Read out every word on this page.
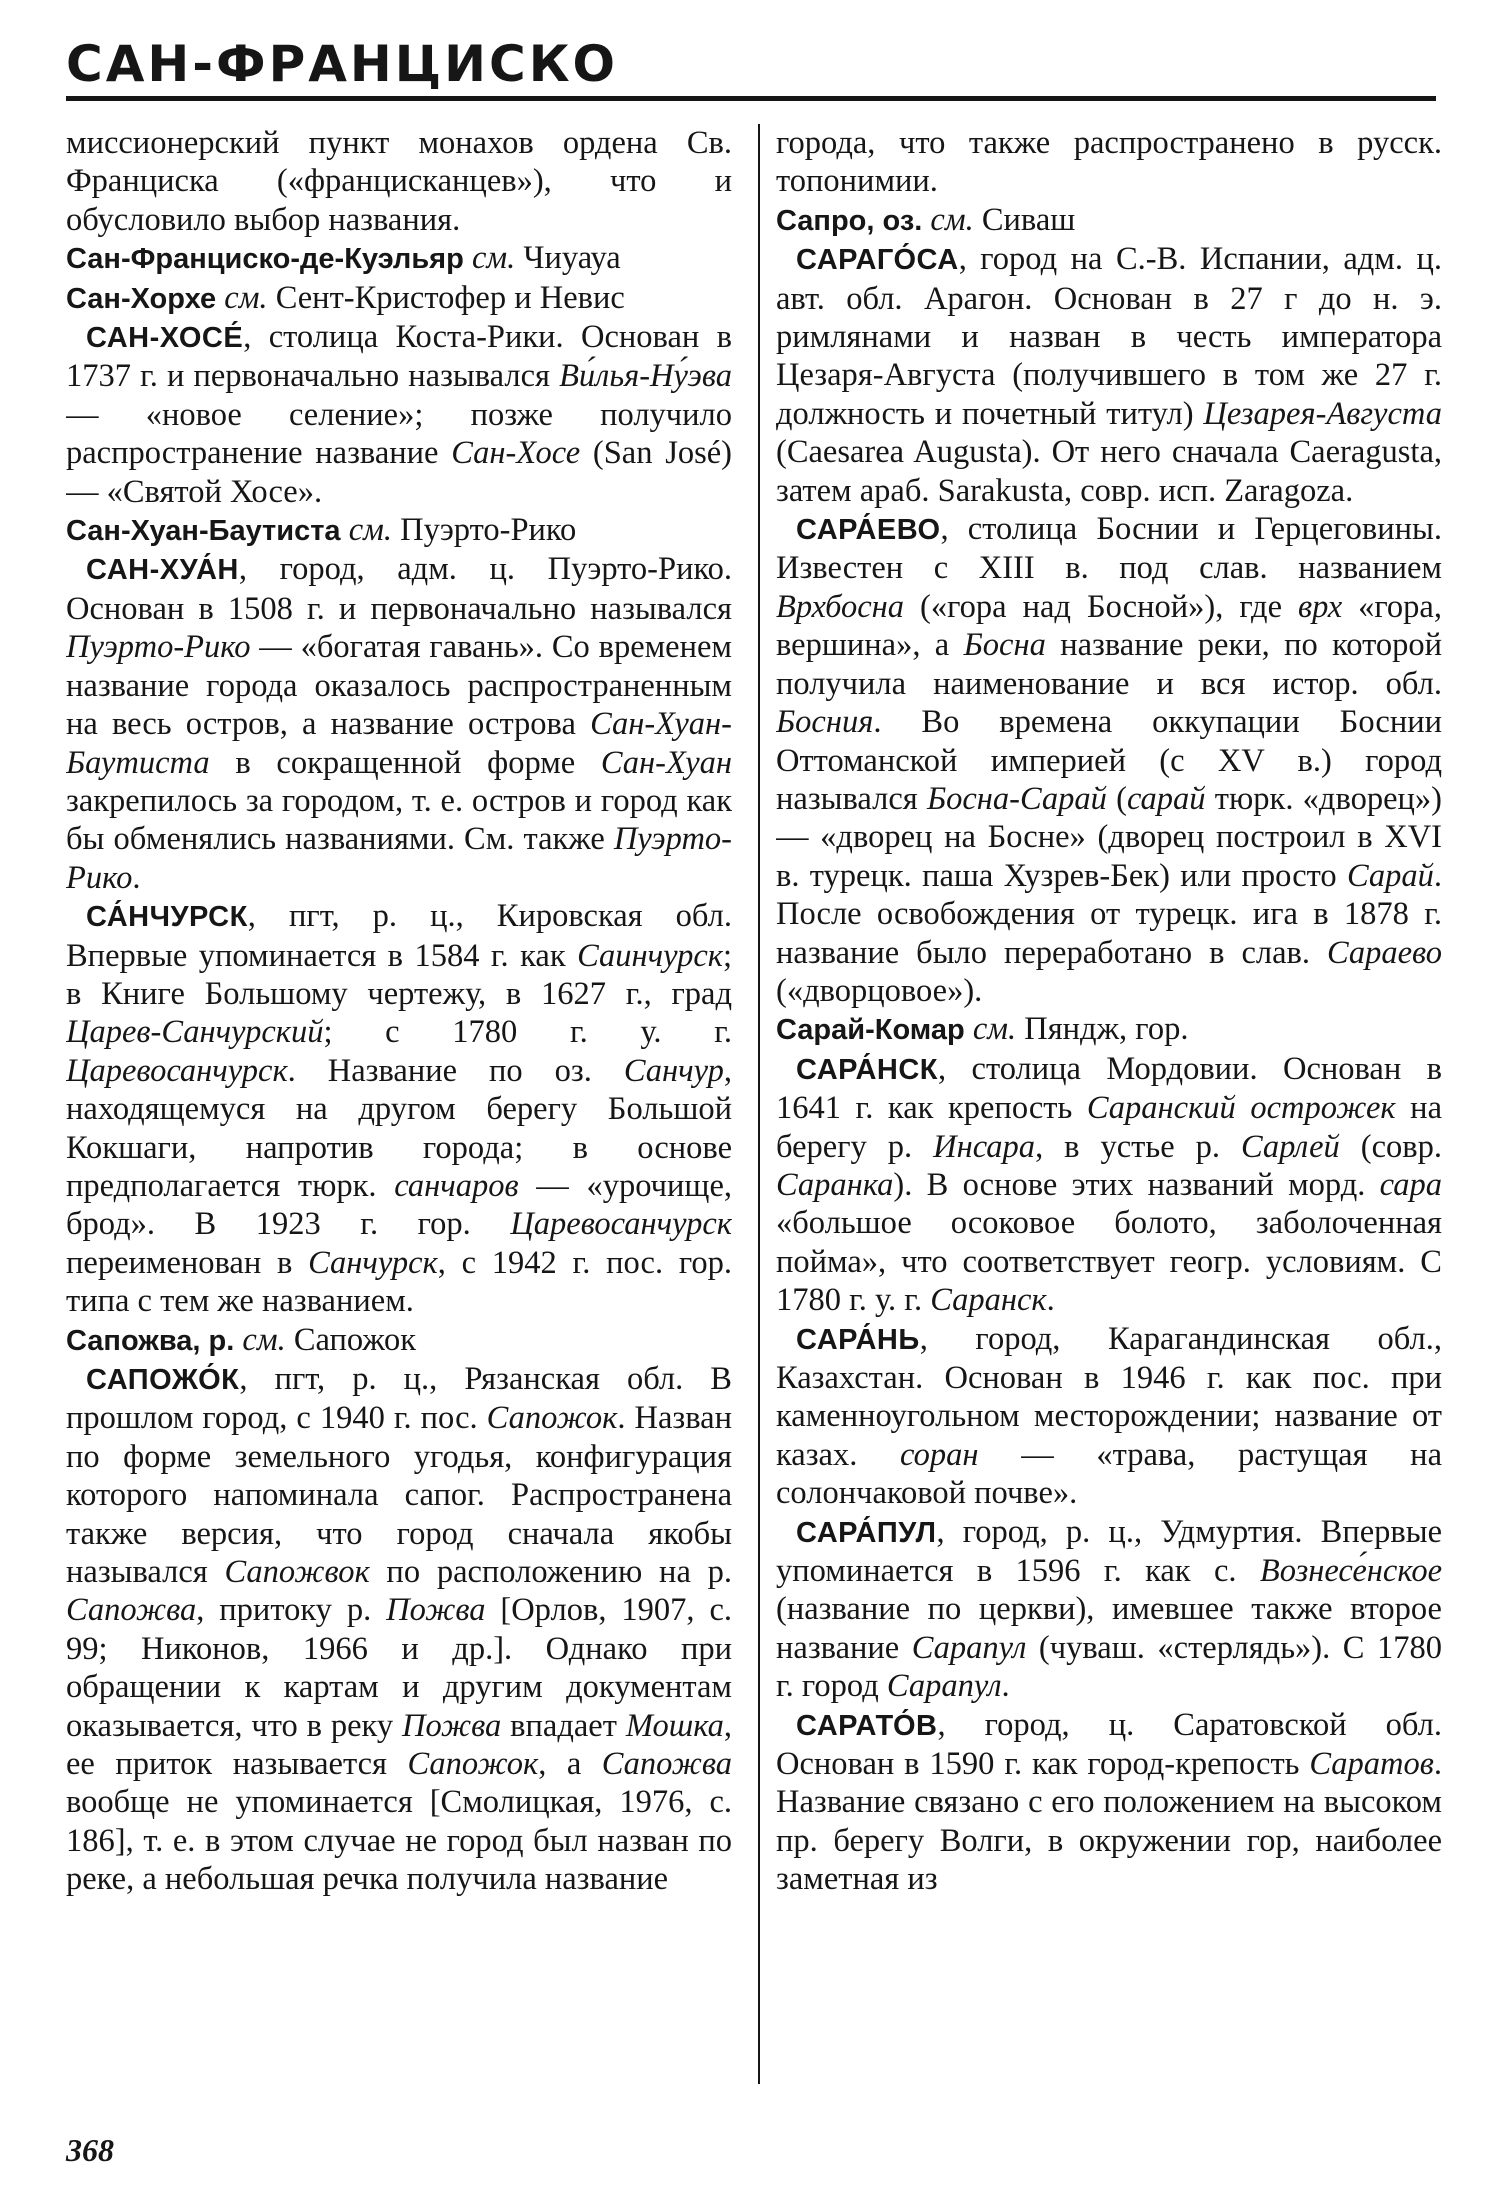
САН-ФРАНЦИСКО

миссионерский пункт монахов ордена Св. Франциска («францисканцев»), что и обусловило выбор названия.

Сан-Франциско-де-Куэльяр см. Чиуауа

Сан-Хорхе см. Сент-Кристофер и Невис

САН-ХОСЕ́, столица Коста-Рики. Основан в 1737 г. и первоначально назывался Ви́лья-Ну́эва — «новое селение»; позже получило распространение название Сан-Хосе (San José) — «Святой Хосе».

Сан-Хуан-Баутиста см. Пуэрто-Рико

САН-ХУА́Н, город, адм. ц. Пуэрто-Рико. Основан в 1508 г. и первоначально назывался Пуэрто-Рико — «богатая гавань». Со временем название города оказалось распространенным на весь остров, а название острова Сан-Хуан-Баутиста в сокращенной форме Сан-Хуан закрепилось за городом, т. е. остров и город как бы обменялись названиями. См. также Пуэрто-Рико.

СА́НЧУРСК, пгт, р. ц., Кировская обл. Впервые упоминается в 1584 г. как Саинчурск; в Книге Большому чертежу, в 1627 г., град Царев-Санчурский; с 1780 г. у. г. Царевосанчурск. Название по оз. Санчур, находящемуся на другом берегу Большой Кокшаги, напротив города; в основе предполагается тюрк. санчаров — «урочище, брод». В 1923 г. гор. Царевосанчурск переименован в Санчурск, с 1942 г. пос. гор. типа с тем же названием.

Сапожва, р. см. Сапожок

САПОЖО́К, пгт, р. ц., Рязанская обл. В прошлом город, с 1940 г. пос. Сапожок. Назван по форме земельного угодья, конфигурация которого напоминала сапог. Распространена также версия, что город сначала якобы назывался Сапожвок по расположению на р. Сапожва, притоку р. Пожва [Орлов, 1907, с. 99; Никонов, 1966 и др.]. Однако при обращении к картам и другим документам оказывается, что в реку Пожва впадает Мошка, ее приток называется Сапожок, а Сапожва вообще не упоминается [Смолицкая, 1976, с. 186], т. е. в этом случае не город был назван по реке, а небольшая речка получила название

города, что также распространено в русск. топонимии.

Сапро, оз. см. Сиваш

САРАГО́СА, город на С.-В. Испании, адм. ц. авт. обл. Арагон. Основан в 27 г до н. э. римлянами и назван в честь императора Цезаря-Августа (получившего в том же 27 г. должность и почетный титул) Цезарея-Августа (Caesarea Augusta). От него сначала Caeragusta, затем араб. Sarakusta, совр. исп. Zaragoza.

САРА́ЕВО, столица Боснии и Герцеговины. Известен с XIII в. под слав. названием Врхбосна («гора над Босной»), где врх «гора, вершина», а Босна название реки, по которой получила наименование и вся истор. обл. Босния. Во времена оккупации Боснии Оттоманской империей (с XV в.) город назывался Босна-Сарай (сарай тюрк. «дворец») — «дворец на Босне» (дворец построил в XVI в. турецк. паша Хузрев-Бек) или просто Сарай. После освобождения от турецк. ига в 1878 г. название было переработано в слав. Сараево («дворцовое»).

Сарай-Комар см. Пяндж, гор.

САРА́НСК, столица Мордовии. Основан в 1641 г. как крепость Саранский острожек на берегу р. Инсара, в устье р. Сарлей (совр. Саранка). В основе этих названий морд. сара «большое осоковое болото, заболоченная пойма», что соответствует геогр. условиям. С 1780 г. у. г. Саранск.

САРА́НЬ, город, Карагандинская обл., Казахстан. Основан в 1946 г. как пос. при каменноугольном месторождении; название от казах. соран — «трава, растущая на солончаковой почве».

САРА́ПУЛ, город, р. ц., Удмуртия. Впервые упоминается в 1596 г. как с. Вознесе́нское (название по церкви), имевшее также второе название Сарапул (чуваш. «стерлядь»). С 1780 г. город Сарапул.

САРАТО́В, город, ц. Саратовской обл. Основан в 1590 г. как город-крепость Саратов. Название связано с его положением на высоком пр. берегу Волги, в окружении гор, наиболее заметная из

368
